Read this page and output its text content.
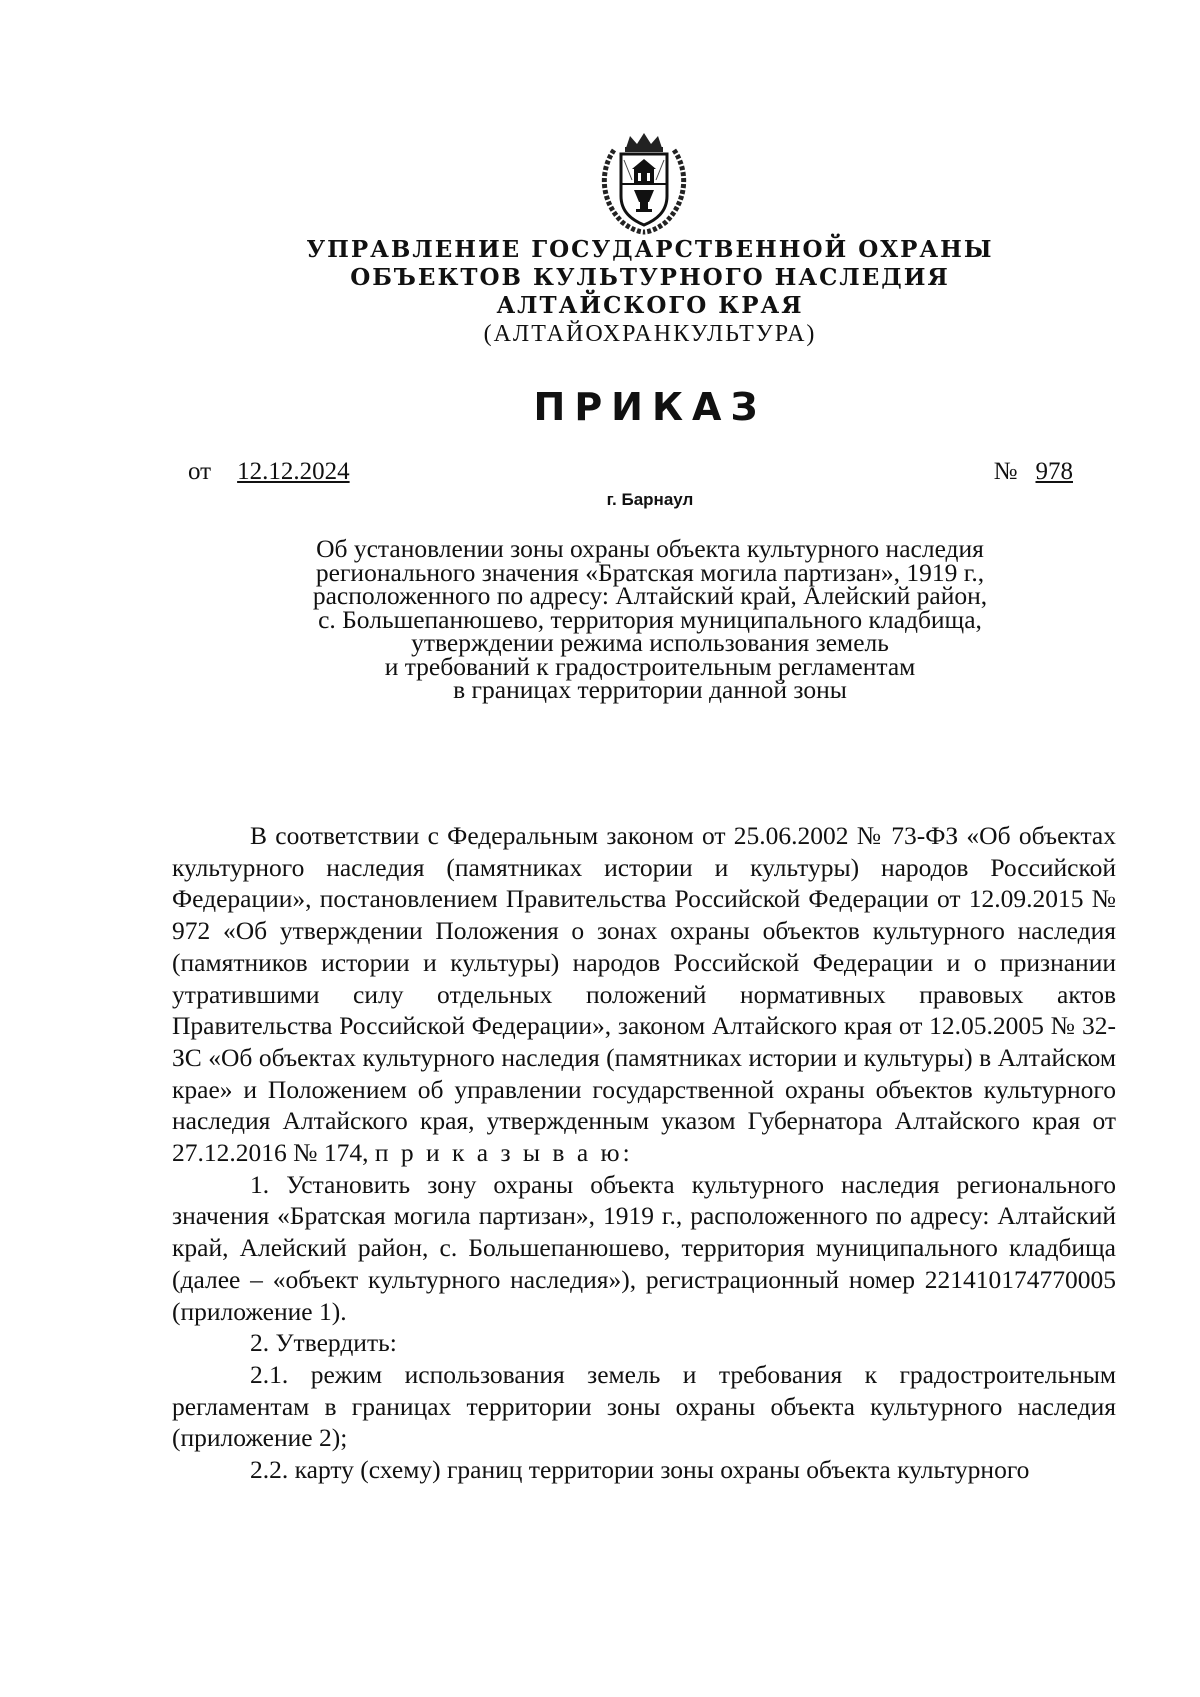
УПРАВЛЕНИЕ ГОСУДАРСТВЕННОЙ ОХРАНЫ
ОБЪЕКТОВ КУЛЬТУРНОГО НАСЛЕДИЯ
АЛТАЙСКОГО КРАЯ
(АЛТАЙОХРАНКУЛЬТУРА)
ПРИКАЗ
от 12.12.2024	№ 978
г. Барнаул
Об установлении зоны охраны объекта культурного наследия
регионального значения «Братская могила партизан», 1919 г.,
расположенного по адресу: Алтайский край, Алейский район,
с. Большепанюшево, территория муниципального кладбища,
утверждении режима использования земель
и требований к градостроительным регламентам
в границах территории данной зоны

В соответствии с Федеральным законом от 25.06.2002 № 73-ФЗ «Об объектах культурного наследия (памятниках истории и культуры) народов Российской Федерации», постановлением Правительства Российской Федерации от 12.09.2015 № 972 «Об утверждении Положения о зонах охраны объектов культурного наследия (памятников истории и культуры) народов Российской Федерации и о признании утратившими силу отдельных положений нормативных правовых актов Правительства Российской Федерации», законом Алтайского края от 12.05.2005 № 32-ЗС «Об объектах культурного наследия (памятниках истории и культуры) в Алтайском крае» и Положением об управлении государственной охраны объектов культурного наследия Алтайского края, утвержденным указом Губернатора Алтайского края от 27.12.2016 № 174, п р и к а з ы в а ю:

1. Установить зону охраны объекта культурного наследия регионального значения «Братская могила партизан», 1919 г., расположенного по адресу: Алтайский край, Алейский район, с. Большепанюшево, территория муниципального кладбища (далее – «объект культурного наследия»), регистрационный номер 221410174770005 (приложение 1).

2. Утвердить:

2.1. режим использования земель и требования к градостроительным регламентам в границах территории зоны охраны объекта культурного наследия (приложение 2);

2.2. карту (схему) границ территории зоны охраны объекта культурного
